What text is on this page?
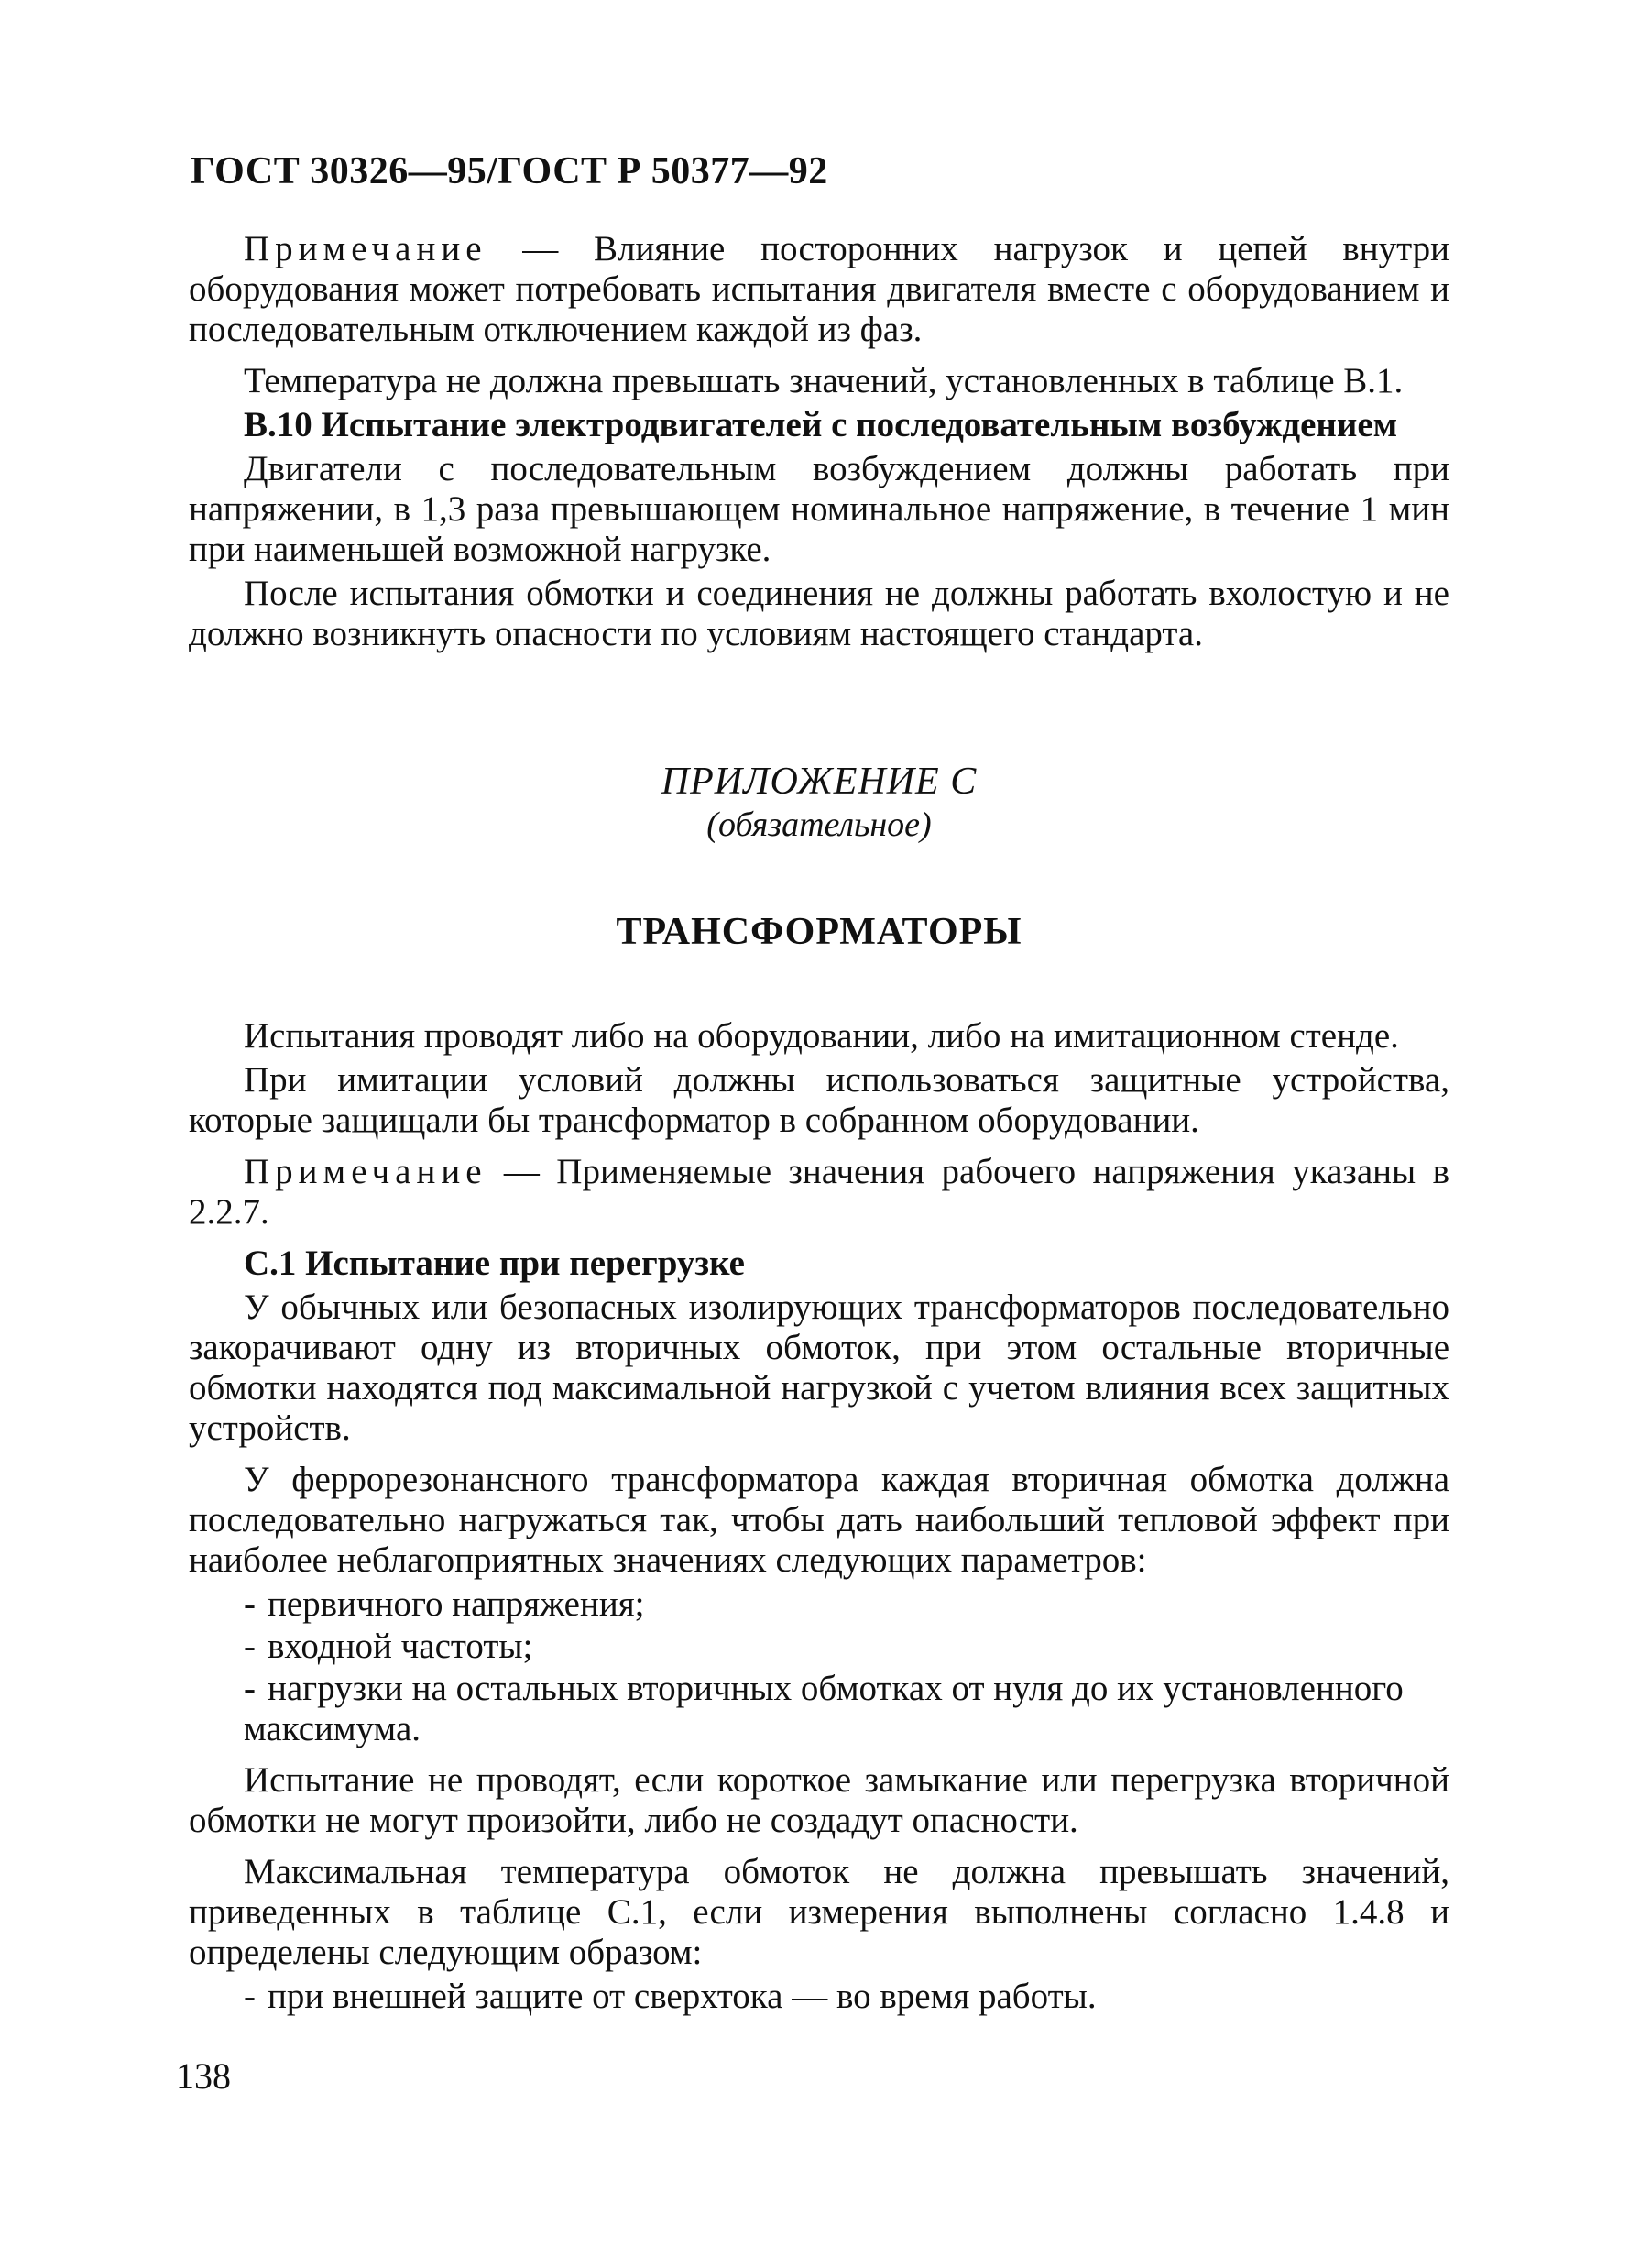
ГОСТ 30326—95/ГОСТ Р 50377—92

Примечание — Влияние посторонних нагрузок и цепей внутри оборудования может потребовать испытания двигателя вместе с оборудованием и последовательным отключением каждой из фаз.

Температура не должна превышать значений, установленных в таблице В.1.

В.10 Испытание электродвигателей с последовательным возбуждением

Двигатели с последовательным возбуждением должны работать при напряжении, в 1,3 раза превышающем номинальное напряжение, в течение 1 мин при наименьшей возможной нагрузке.

После испытания обмотки и соединения не должны работать вхолостую и не должно возникнуть опасности по условиям настоящего стандарта.

ПРИЛОЖЕНИЕ С
(обязательное)
ТРАНСФОРМАТОРЫ

Испытания проводят либо на оборудовании, либо на имитационном стенде.

При имитации условий должны использоваться защитные устройства, которые защищали бы трансформатор в собранном оборудовании.

Примечание — Применяемые значения рабочего напряжения указаны в 2.2.7.

С.1 Испытание при перегрузке

У обычных или безопасных изолирующих трансформаторов последовательно закорачивают одну из вторичных обмоток, при этом остальные вторичные обмотки находятся под максимальной нагрузкой с учетом влияния всех защитных устройств.

У феррорезонансного трансформатора каждая вторичная обмотка должна последовательно нагружаться так, чтобы дать наибольший тепловой эффект при наиболее неблагоприятных значениях следующих параметров:

- первичного напряжения;
- входной частоты;
- нагрузки на остальных вторичных обмотках от нуля до их установленного максимума.

Испытание не проводят, если короткое замыкание или перегрузка вторичной обмотки не могут произойти, либо не создадут опасности.

Максимальная температура обмоток не должна превышать значений, приведенных в таблице С.1, если измерения выполнены согласно 1.4.8 и определены следующим образом:

- при внешней защите от сверхтока — во время работы.
138
